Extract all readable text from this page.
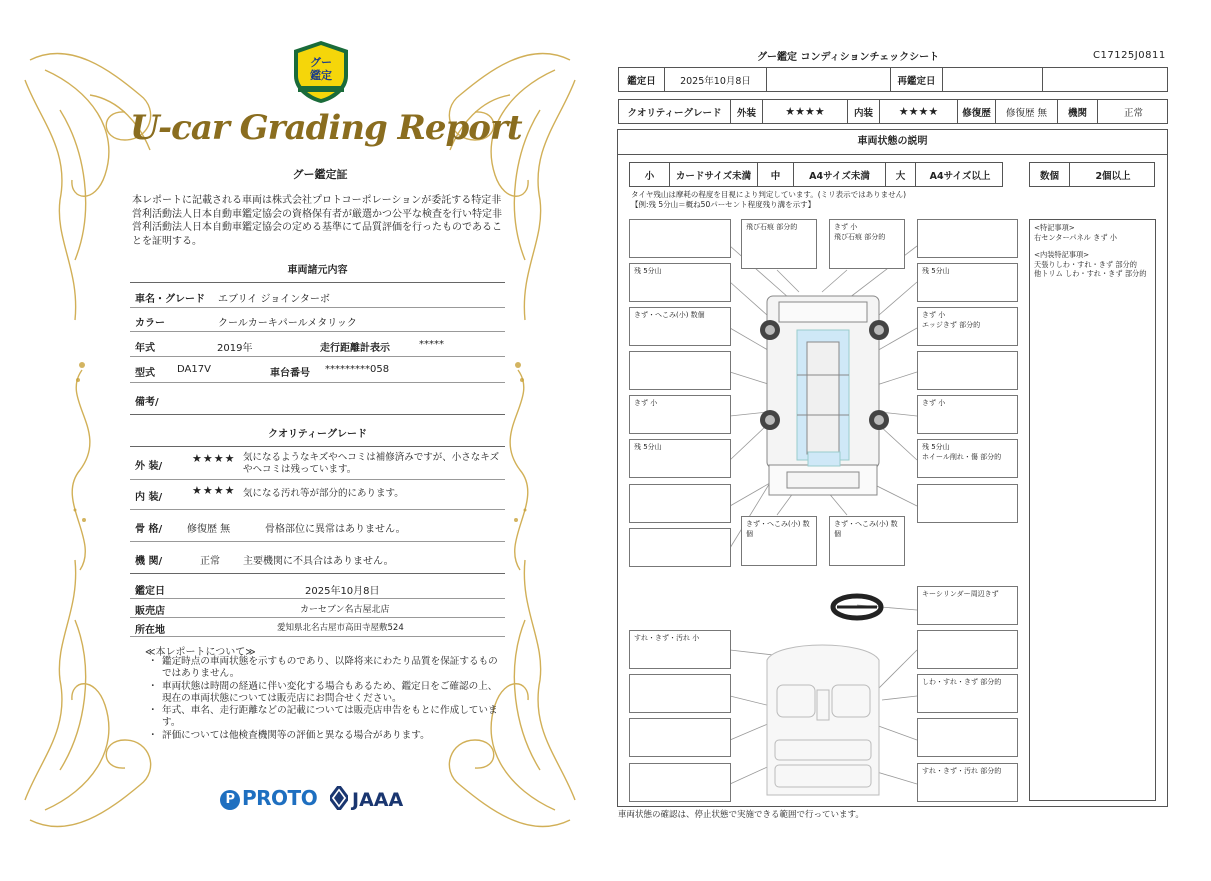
グー
鑑定
U-car Grading Report
グー鑑定証
本レポートに記載される車両は株式会社プロトコーポレーションが委託する特定非営利活動法人日本自動車鑑定協会の資格保有者が厳選かつ公平な検査を行い特定非営利活動法人日本自動車鑑定協会の定める基準にて品質評価を行ったものであることを証明する。
車両諸元内容
車名・グレード エブリイ ジョインターボ
カラー	クールカーキパールメタリック
年式	2019年	走行距離計表示	*****
型式 DA17V	車台番号 *********058
備考/
クオリティーグレード
外 装/
★★★★ 気になるようなキズやヘコミは補修済みですが、小さなキズやヘコミは残っています。
内 装/
★★★★ 気になる汚れ等が部分的にあります。
骨 格/ 修復歴 無	骨格部位に異常はありません。
機 関/	正常 主要機関に不具合はありません。
鑑定日	2025年10月8日
販売店	カーセブン名古屋北店
所在地	愛知県北名古屋市高田寺屋敷524
≪本レポートについて≫
・ 鑑定時点の車両状態を示すものであり、以降将来にわたり品質を保証するものではありません。
・ 車両状態は時間の経過に伴い変化する場合もあるため、鑑定日をご確認の上、現在の車両状態については販売店にお問合せください。
・ 年式、車名、走行距離などの記載については販売店申告をもとに作成しています。
・ 評価については他検査機関等の評価と異なる場合があります。
P PROTO	JAAA
グー鑑定 コンディションチェックシート	C17125J0811
鑑定日	2025年10月8日	再鑑定日
クオリティーグレード	外装	★★★★	内装	★★★★	修復歴	修復歴 無	機関	正常
車両状態の説明
小	カードサイズ未満	中	A4サイズ未満	大	A4サイズ以上	数個	2個以上
タイヤ残山は摩耗の程度を目視により判定しています。(ミリ表示ではありません)
【例:残 5分山＝概ね50パーセント程度残り溝を示す】
残 5分山
きず・へこみ(小) 数個
きず 小
残 5分山
残 5分山
きず 小
エッジきず 部分的
きず 小
残 5分山
ホイール削れ・傷 部分的
飛び石痕 部分的	きず 小
飛び石痕 部分的
きず・へこみ(小) 数個
きず・へこみ(小) 数個
すれ・きず・汚れ 小
キーシリンダー周辺きず
しわ・すれ・きず 部分的
すれ・きず・汚れ 部分的

<特記事項>

右センターパネル きず 小

<内装特記事項>

天張りしわ・すれ・きず 部分的

他トリム しわ・すれ・きず 部分的

車両状態の確認は、停止状態で実施できる範囲で行っています。
